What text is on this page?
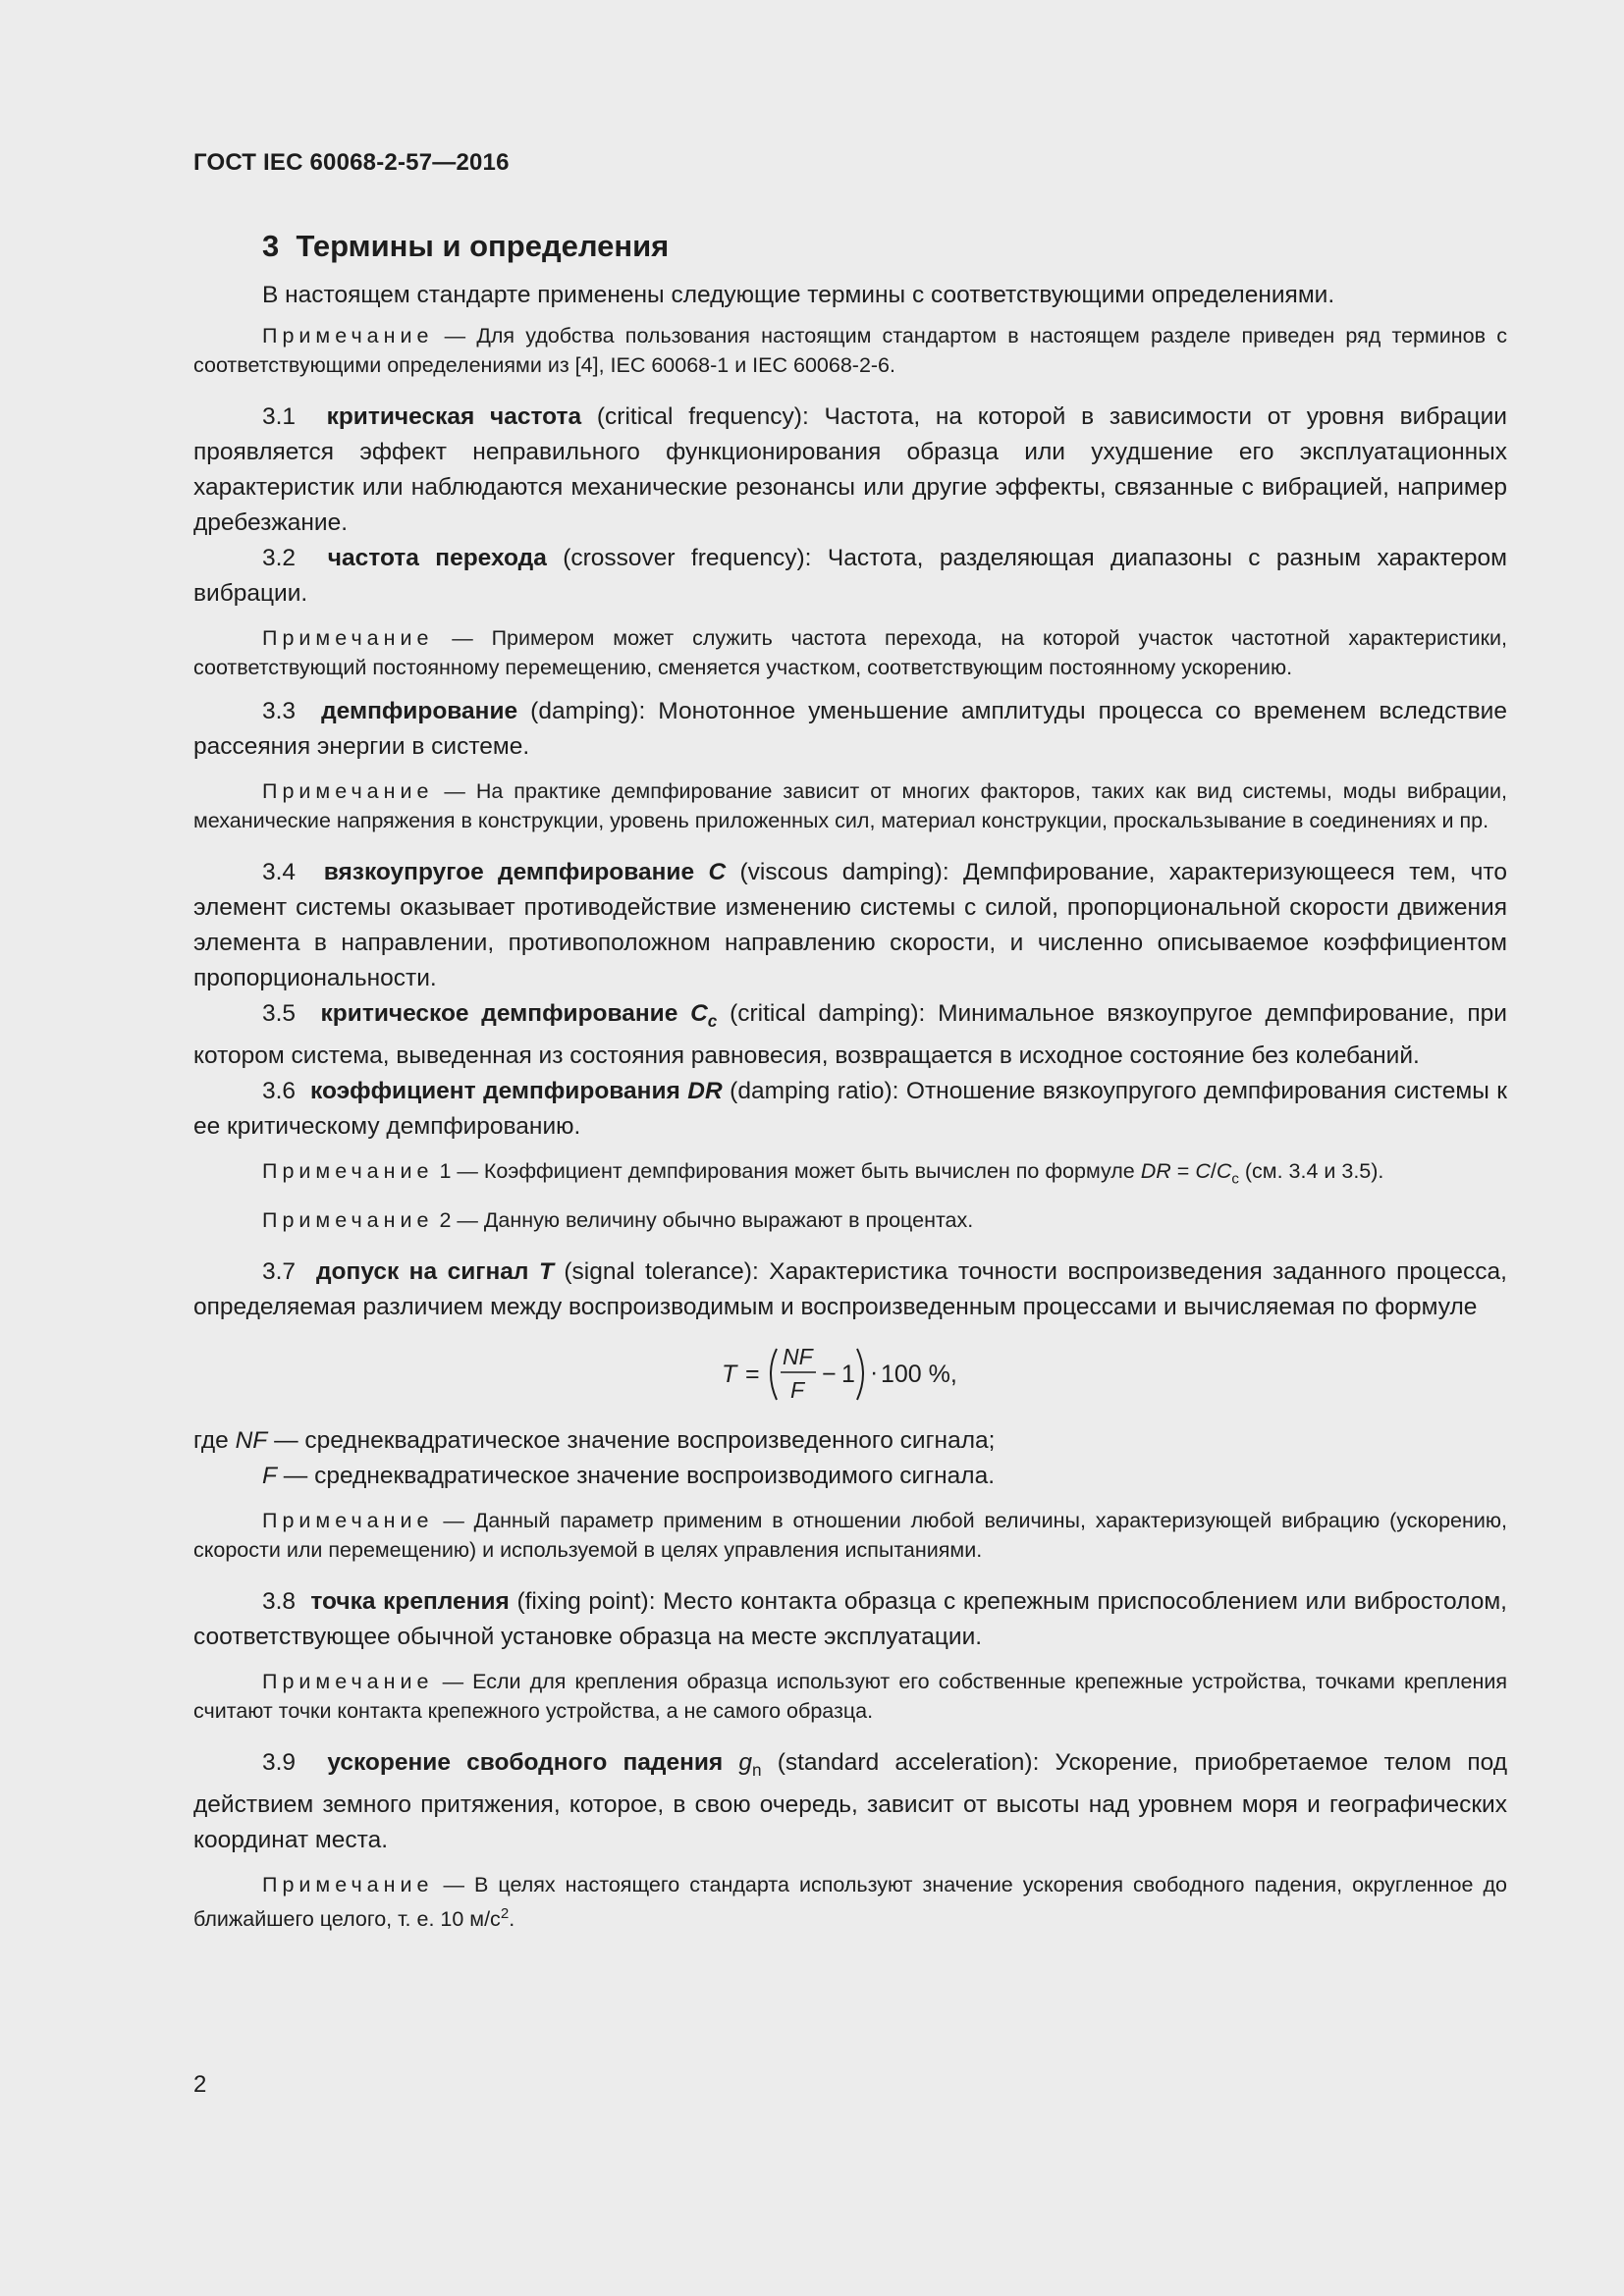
ГОСТ IEC 60068-2-57—2016
3 Термины и определения

В настоящем стандарте применены следующие термины с соответствующими определениями.

Примечание — Для удобства пользования настоящим стандартом в настоящем разделе приведен ряд терминов с соответствующими определениями из [4], IEC 60068-1 и IEC 60068-2-6.

3.1 критическая частота (critical frequency): Частота, на которой в зависимости от уровня вибрации проявляется эффект неправильного функционирования образца или ухудшение его эксплуатационных характеристик или наблюдаются механические резонансы или другие эффекты, связанные с вибрацией, например дребезжание.

3.2 частота перехода (crossover frequency): Частота, разделяющая диапазоны с разным характером вибрации.

Примечание — Примером может служить частота перехода, на которой участок частотной характеристики, соответствующий постоянному перемещению, сменяется участком, соответствующим постоянному ускорению.

3.3 демпфирование (damping): Монотонное уменьшение амплитуды процесса со временем вследствие рассеяния энергии в системе.

Примечание — На практике демпфирование зависит от многих факторов, таких как вид системы, моды вибрации, механические напряжения в конструкции, уровень приложенных сил, материал конструкции, проскальзывание в соединениях и пр.

3.4 вязкоупругое демпфирование C (viscous damping): Демпфирование, характеризующееся тем, что элемент системы оказывает противодействие изменению системы с силой, пропорциональной скорости движения элемента в направлении, противоположном направлению скорости, и численно описываемое коэффициентом пропорциональности.

3.5 критическое демпфирование $C_c$ (critical damping): Минимальное вязкоупругое демпфирование, при котором система, выведенная из состояния равновесия, возвращается в исходное состояние без колебаний.

3.6 коэффициент демпфирования DR (damping ratio): Отношение вязкоупругого демпфирования системы к ее критическому демпфированию.

Примечание 1 — Коэффициент демпфирования может быть вычислен по формуле DR = $C/C_c$ (см. 3.4 и 3.5).

Примечание 2 — Данную величину обычно выражают в процентах.

3.7 допуск на сигнал T (signal tolerance): Характеристика точности воспроизведения заданного процесса, определяемая различием между воспроизводимым и воспроизведенным процессами и вычисляемая по формуле

T =
NF
F
− 1 · 100 %,

где NF — среднеквадратическое значение воспроизведенного сигнала;

F — среднеквадратическое значение воспроизводимого сигнала.

Примечание — Данный параметр применим в отношении любой величины, характеризующей вибрацию (ускорению, скорости или перемещению) и используемой в целях управления испытаниями.

3.8 точка крепления (fixing point): Место контакта образца с крепежным приспособлением или вибростолом, соответствующее обычной установке образца на месте эксплуатации.

Примечание — Если для крепления образца используют его собственные крепежные устройства, точками крепления считают точки контакта крепежного устройства, а не самого образца.

3.9 ускорение свободного падения $g_n$ (standard acceleration): Ускорение, приобретаемое телом под действием земного притяжения, которое, в свою очередь, зависит от высоты над уровнем моря и географических координат места.

Примечание — В целях настоящего стандарта используют значение ускорения свободного падения, округленное до ближайшего целого, т. е. 10 $м/с^2$.

2
